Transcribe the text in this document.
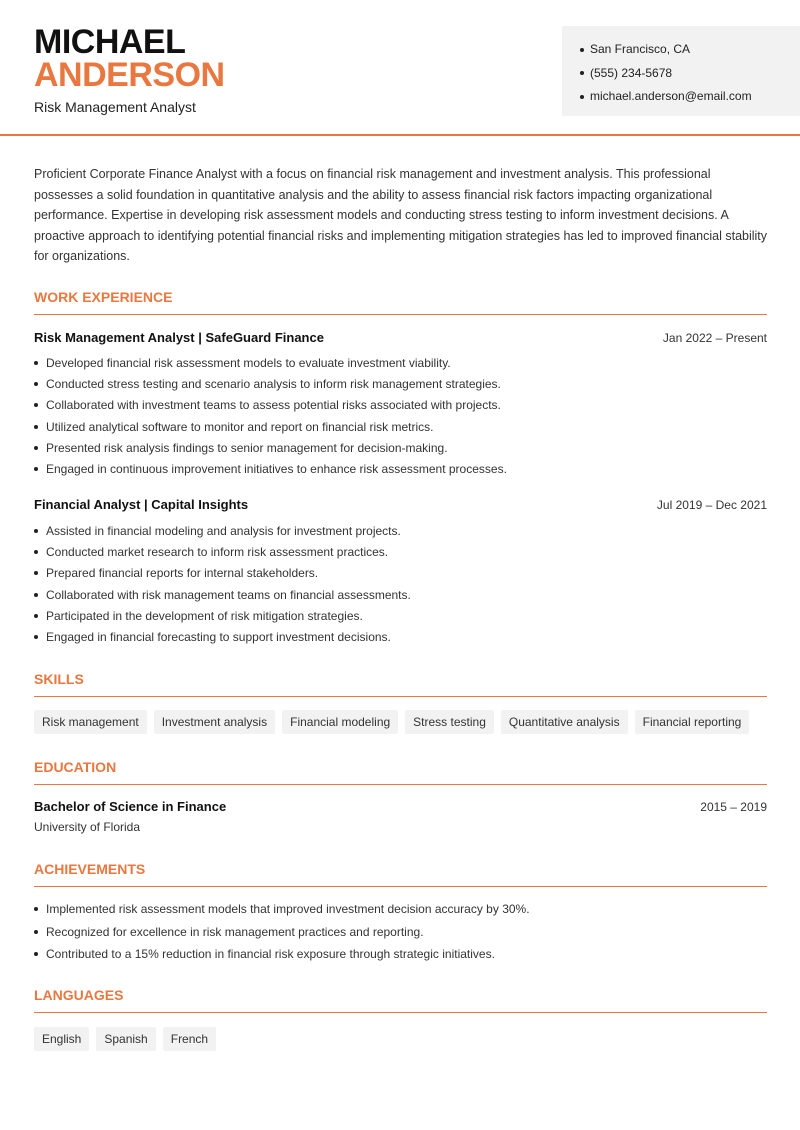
MICHAEL
ANDERSON
Risk Management Analyst
San Francisco, CA
(555) 234-5678
michael.anderson@email.com

Proficient Corporate Finance Analyst with a focus on financial risk management and investment analysis. This professional possesses a solid foundation in quantitative analysis and the ability to assess financial risk factors impacting organizational performance. Expertise in developing risk assessment models and conducting stress testing to inform investment decisions. A proactive approach to identifying potential financial risks and implementing mitigation strategies has led to improved financial stability for organizations.

WORK EXPERIENCE
Risk Management Analyst | SafeGuard Finance	Jan 2022 – Present
Developed financial risk assessment models to evaluate investment viability.
Conducted stress testing and scenario analysis to inform risk management strategies.
Collaborated with investment teams to assess potential risks associated with projects.
Utilized analytical software to monitor and report on financial risk metrics.
Presented risk analysis findings to senior management for decision-making.
Engaged in continuous improvement initiatives to enhance risk assessment processes.
Financial Analyst | Capital Insights	Jul 2019 – Dec 2021
Assisted in financial modeling and analysis for investment projects.
Conducted market research to inform risk assessment practices.
Prepared financial reports for internal stakeholders.
Collaborated with risk management teams on financial assessments.
Participated in the development of risk mitigation strategies.
Engaged in financial forecasting to support investment decisions.
SKILLS
Risk management	Investment analysis	Financial modeling	Stress testing	Quantitative analysis	Financial reporting
EDUCATION
Bachelor of Science in Finance	2015 – 2019
University of Florida
ACHIEVEMENTS
Implemented risk assessment models that improved investment decision accuracy by 30%.
Recognized for excellence in risk management practices and reporting.
Contributed to a 15% reduction in financial risk exposure through strategic initiatives.
LANGUAGES
English	Spanish	French
